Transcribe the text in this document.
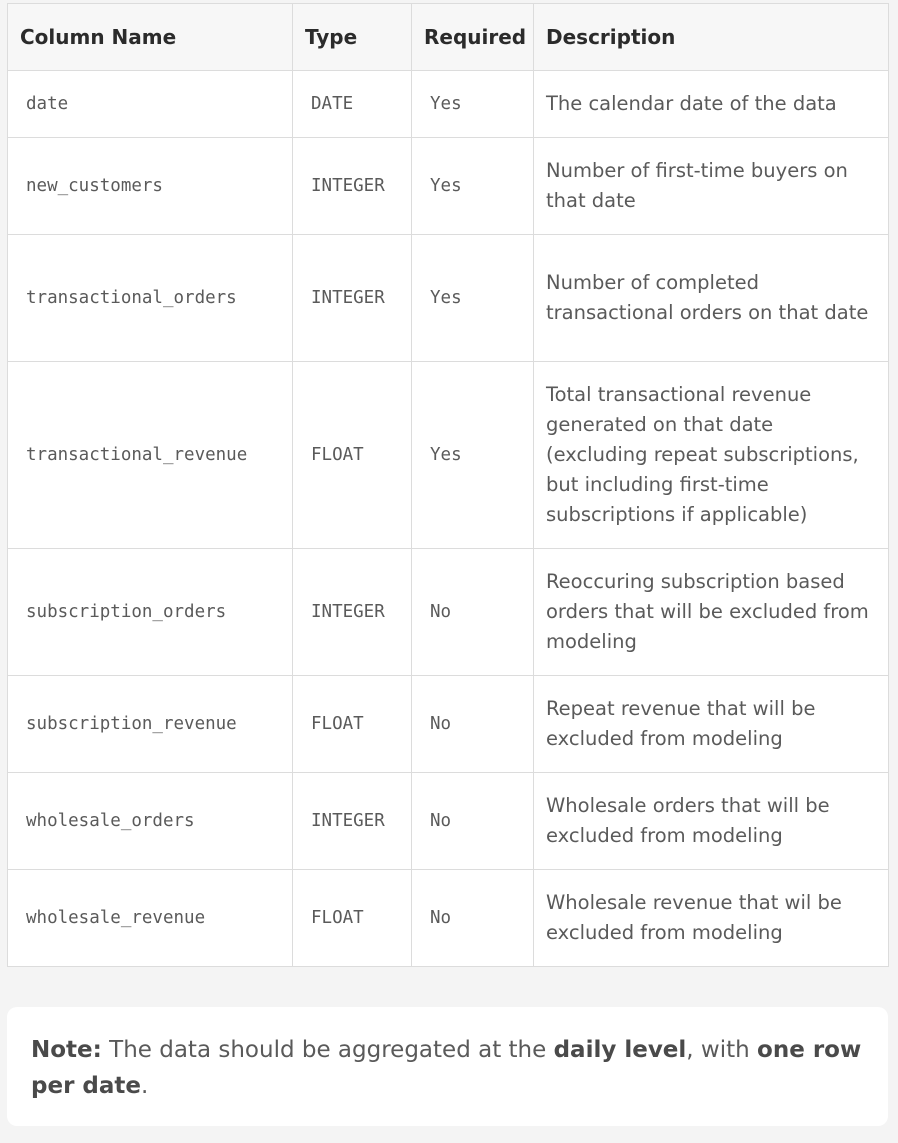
Column Name	Type	Required	Description
date	DATE	Yes	The calendar date of the data
new_customers	INTEGER	Yes	Number of first-time buyers on that date
transactional_orders	INTEGER	Yes	Number of completed transactional orders on that date
transactional_revenue	FLOAT	Yes	Total transactional revenue generated on that date (excluding repeat subscriptions, but including first-time subscriptions if applicable)
subscription_orders	INTEGER	No	Reoccuring subscription based orders that will be excluded from modeling
subscription_revenue	FLOAT	No	Repeat revenue that will be excluded from modeling
wholesale_orders	INTEGER	No	Wholesale orders that will be excluded from modeling
wholesale_revenue	FLOAT	No	Wholesale revenue that wil be excluded from modeling
Note: The data should be aggregated at the daily level, with one row per date.
